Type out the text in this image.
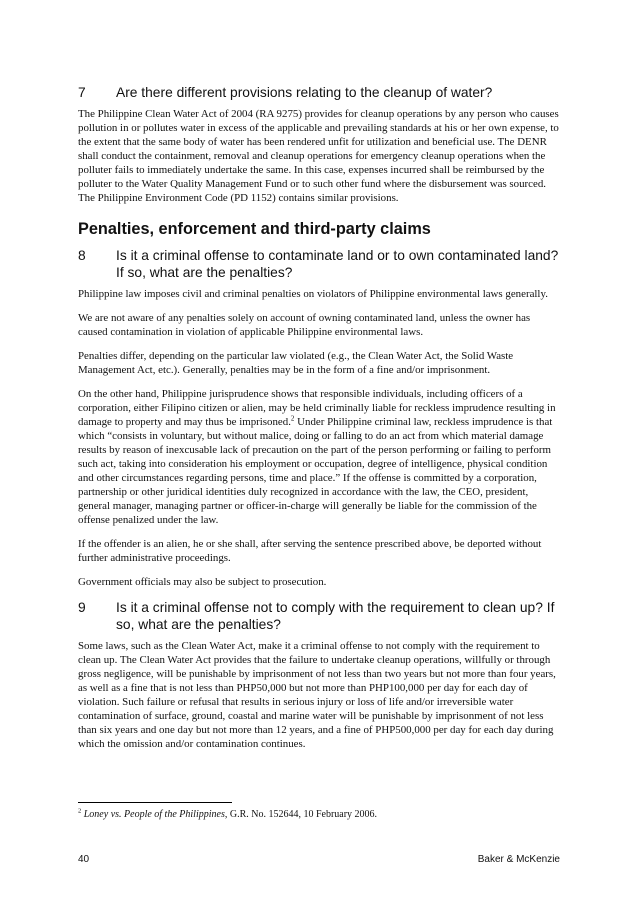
7	Are there different provisions relating to the cleanup of water?

The Philippine Clean Water Act of 2004 (RA 9275) provides for cleanup operations by any person who causes pollution in or pollutes water in excess of the applicable and prevailing standards at his or her own expense, to the extent that the same body of water has been rendered unfit for utilization and beneficial use. The DENR shall conduct the containment, removal and cleanup operations for emergency cleanup operations when the polluter fails to immediately undertake the same. In this case, expenses incurred shall be reimbursed by the polluter to the Water Quality Management Fund or to such other fund where the disbursement was sourced. The Philippine Environment Code (PD 1152) contains similar provisions.

Penalties, enforcement and third-party claims
8	Is it a criminal offense to contaminate land or to own contaminated land? If so, what are the penalties?

Philippine law imposes civil and criminal penalties on violators of Philippine environmental laws generally.

We are not aware of any penalties solely on account of owning contaminated land, unless the owner has caused contamination in violation of applicable Philippine environmental laws.

Penalties differ, depending on the particular law violated (e.g., the Clean Water Act, the Solid Waste Management Act, etc.). Generally, penalties may be in the form of a fine and/or imprisonment.

On the other hand, Philippine jurisprudence shows that responsible individuals, including officers of a corporation, either Filipino citizen or alien, may be held criminally liable for reckless imprudence resulting in damage to property and may thus be imprisoned.$^2$ Under Philippine criminal law, reckless imprudence is that which “consists in voluntary, but without malice, doing or falling to do an act from which material damage results by reason of inexcusable lack of precaution on the part of the person performing or failing to perform such act, taking into consideration his employment or occupation, degree of intelligence, physical condition and other circumstances regarding persons, time and place.” If the offense is committed by a corporation, partnership or other juridical identities duly recognized in accordance with the law, the CEO, president, general manager, managing partner or officer-in-charge will generally be liable for the commission of the offense penalized under the law.

If the offender is an alien, he or she shall, after serving the sentence prescribed above, be deported without further administrative proceedings.

Government officials may also be subject to prosecution.

9	Is it a criminal offense not to comply with the requirement to clean up? If so, what are the penalties?

Some laws, such as the Clean Water Act, make it a criminal offense to not comply with the requirement to clean up. The Clean Water Act provides that the failure to undertake cleanup operations, willfully or through gross negligence, will be punishable by imprisonment of not less than two years but not more than four years, as well as a fine that is not less than PHP50,000 but not more than PHP100,000 per day for each day of violation. Such failure or refusal that results in serious injury or loss of life and/or irreversible water contamination of surface, ground, coastal and marine water will be punishable by imprisonment of not less than six years and one day but not more than 12 years, and a fine of PHP500,000 per day for each day during which the omission and/or contamination continues.

$^2$ Loney vs. People of the Philippines, G.R. No. 152644, 10 February 2006.
40	Baker & McKenzie
